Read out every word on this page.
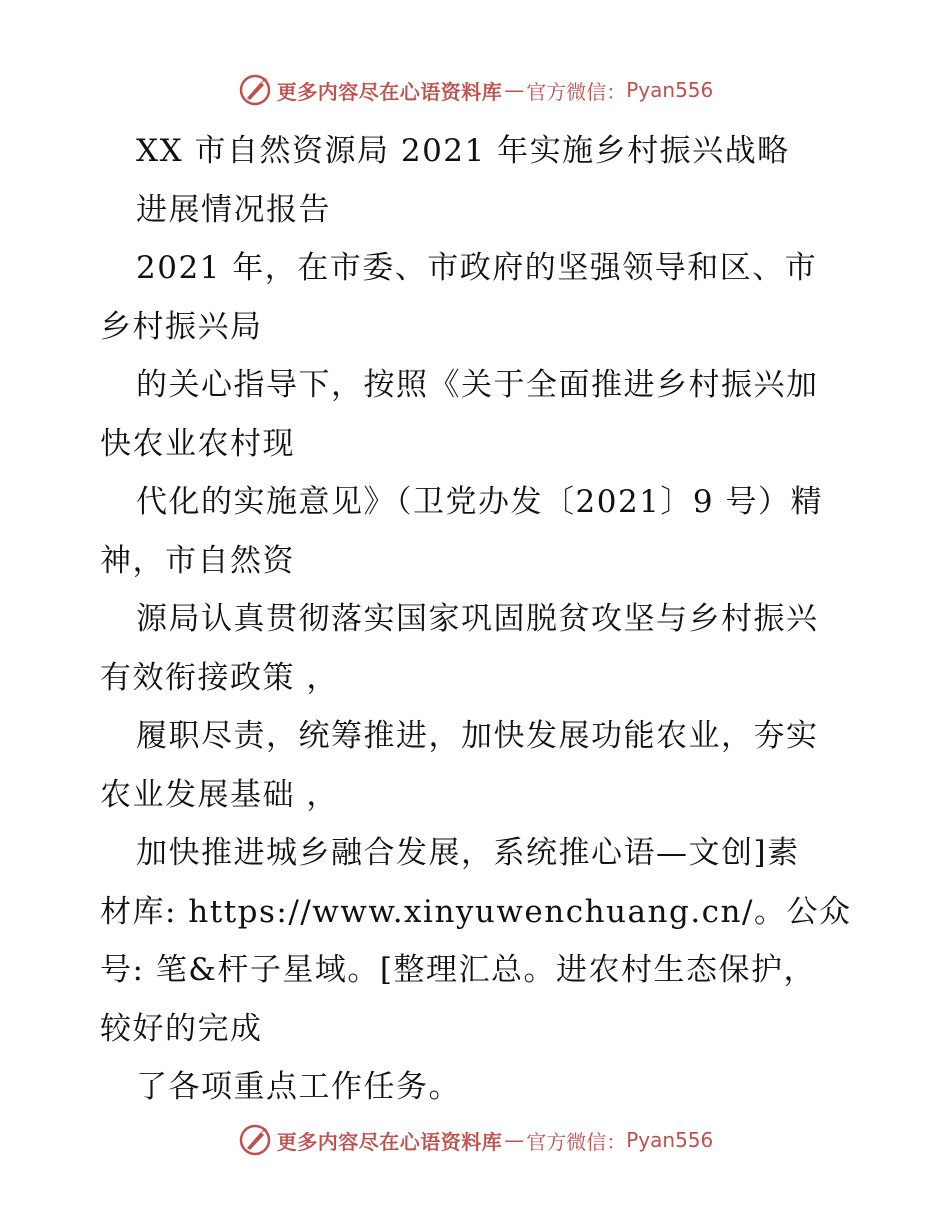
更多内容尽在心语资料库 — 官方微信： Pyan556
XX 市自然资源局 2021 年实施乡村振兴战略
进展情况报告
2021 年，在市委、市政府的坚强领导和区、市
乡村振兴局
的关心指导下，按照《关于全面推进乡村振兴加
快农业农村现
代化的实施意见》（卫党办发〔2021〕9 号）精
神，市自然资
源局认真贯彻落实国家巩固脱贫攻坚与乡村振兴
有效衔接政策 ，
履职尽责，统筹推进，加快发展功能农业，夯实
农业发展基础 ，
加快推进城乡融合发展，系统推心语—文创]素
材库: https://www.xinyuwenchuang.cn/。公众
号: 笔&杆子星域。[整理汇总。进农村生态保护，
较好的完成
了各项重点工作任务。
更多内容尽在心语资料库 — 官方微信： Pyan556
